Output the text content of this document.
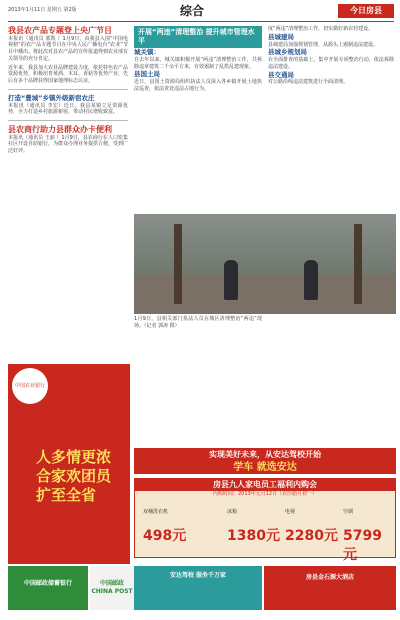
2013年1月11日 星期五 第2版	综合	今日房县
我县农产品专题登上央广节目
本报讯（通讯员 郭凯 ）1月9日，由我县入围“中国电视榜”的农产品专题节目在中央人民广播电台“农业”节目中播出。将此次对县农产品的宣传报道得到农业部有关领导的充分肯定。
近年来，我县加大农业品牌建设力度，依托特色农产品资源优势，积极培育黄酒、木耳、香菇等优势产业，先后有多个品牌获得国家地理标志认证。
打造“豊城”乡镇外级新宿农庄
本报讯（通讯员 李宏）近日，我县某镇立足资源优势，全力打造乡村旅游新宿，带动村民增收致富。
县农商行助力县群众办卡便利
本报讯（通讯员 王丽 ）1月9日，县农商行在人口密集社区开设自助银行，为群众办理业务提供方便，受到广泛好评。
开展“两违”清理整治 提升城市管理水平
城关镇：
自去年以来，城关镇积极开展“两违”清理整治工作，共拆除违章建筑二千余平方米，有效遏制了乱搭乱建现象。
县国土局
近日，县国土资源局组织执法人员深入各乡镇开展土地执法巡查，依法查处违法占地行为。
度“两违”清理整治工作，切实做好新农村建设。
县城建局
县城建局加强规划管理，从源头上遏制违法建设。
县城乡规划局
在全面排查的基础上，集中开展专项整治行动，依法拆除违法建设。
县交通局
对公路沿线违法建筑进行全面清理。
1月9日，县相关部门执法人员在城区清理整治“两违”现场。（记者 郭涛 摄）
中国农业银行
人多情更浓 合家欢团员 扩至全省
实现美好未来，从安达驾校开始
学车 就选安达
房县九人家电员工福利内购会
内购时间：2013年元月12日（农历腊月初一）
双桶洗衣机
498元
冰箱
1380元
电视
2280元
空调
5799元
中国邮政储蓄银行	中国邮政 CHINA POST
安达驾校 服务千万家	房县金石源大酒店
